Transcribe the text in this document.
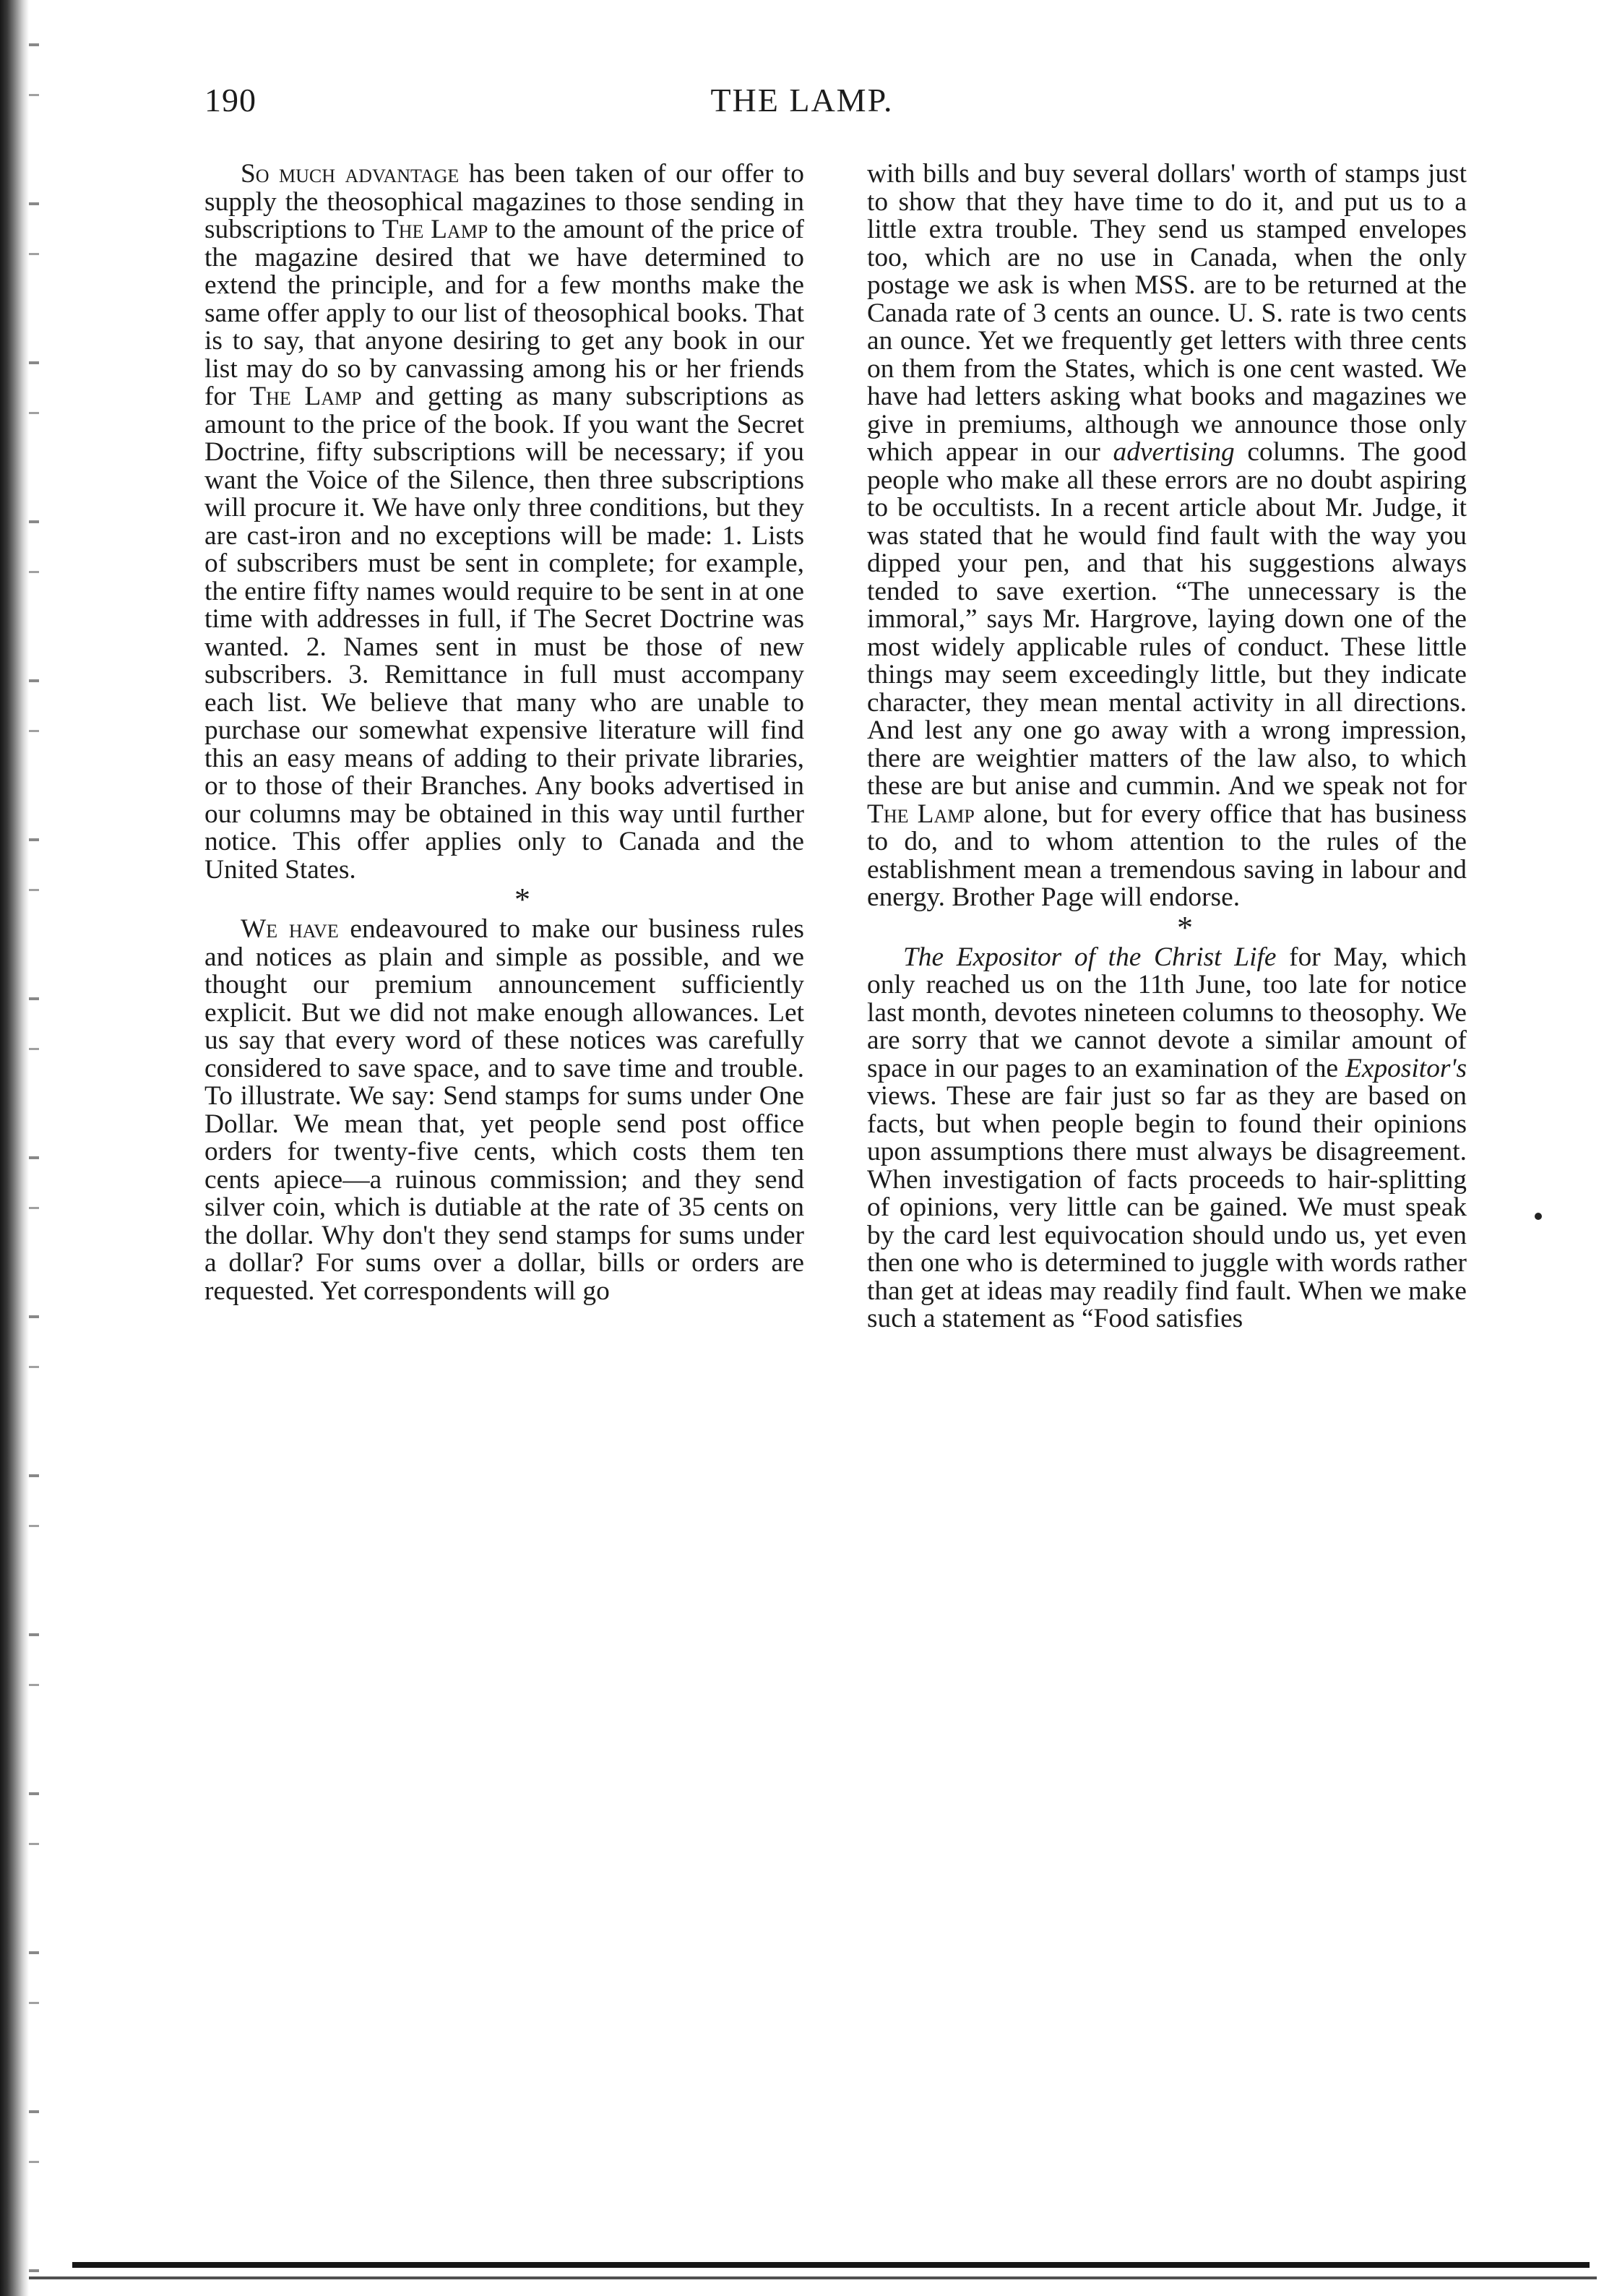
190	THE LAMP.

So much advantage has been taken of our offer to supply the theosophical magazines to those sending in subscriptions to The Lamp to the amount of the price of the magazine desired that we have determined to extend the principle, and for a few months make the same offer apply to our list of theosophical books. That is to say, that anyone desiring to get any book in our list may do so by canvassing among his or her friends for The Lamp and getting as many subscriptions as amount to the price of the book. If you want the Secret Doctrine, fifty subscriptions will be necessary; if you want the Voice of the Silence, then three subscriptions will procure it. We have only three conditions, but they are cast-iron and no exceptions will be made: 1. Lists of subscribers must be sent in complete; for example, the entire fifty names would require to be sent in at one time with addresses in full, if The Secret Doctrine was wanted. 2. Names sent in must be those of new subscribers. 3. Remittance in full must accompany each list. We believe that many who are unable to purchase our somewhat expensive literature will find this an easy means of adding to their private libraries, or to those of their Branches. Any books advertised in our columns may be obtained in this way until further notice. This offer applies only to Canada and the United States.

*

We have endeavoured to make our business rules and notices as plain and simple as possible, and we thought our premium announcement sufficiently explicit. But we did not make enough allowances. Let us say that every word of these notices was carefully considered to save space, and to save time and trouble. To illustrate. We say: Send stamps for sums under One Dollar. We mean that, yet people send post office orders for twenty-five cents, which costs them ten cents apiece—a ruinous commission; and they send silver coin, which is dutiable at the rate of 35 cents on the dollar. Why don't they send stamps for sums under a dollar? For sums over a dollar, bills or orders are requested. Yet correspondents will go

with bills and buy several dollars' worth of stamps just to show that they have time to do it, and put us to a little extra trouble. They send us stamped envelopes too, which are no use in Canada, when the only postage we ask is when MSS. are to be returned at the Canada rate of 3 cents an ounce. U. S. rate is two cents an ounce. Yet we frequently get letters with three cents on them from the States, which is one cent wasted. We have had letters asking what books and magazines we give in premiums, although we announce those only which appear in our advertising columns. The good people who make all these errors are no doubt aspiring to be occultists. In a recent article about Mr. Judge, it was stated that he would find fault with the way you dipped your pen, and that his suggestions always tended to save exertion. “The unnecessary is the immoral,” says Mr. Hargrove, laying down one of the most widely applicable rules of conduct. These little things may seem exceedingly little, but they indicate character, they mean mental activity in all directions. And lest any one go away with a wrong impression, there are weightier matters of the law also, to which these are but anise and cummin. And we speak not for The Lamp alone, but for every office that has business to do, and to whom attention to the rules of the establishment mean a tremendous saving in labour and energy. Brother Page will endorse.

*

The Expositor of the Christ Life for May, which only reached us on the 11th June, too late for notice last month, devotes nineteen columns to theosophy. We are sorry that we cannot devote a similar amount of space in our pages to an examination of the Expositor's views. These are fair just so far as they are based on facts, but when people begin to found their opinions upon assumptions there must always be disagreement. When investigation of facts proceeds to hair-splitting of opinions, very little can be gained. We must speak by the card lest equivocation should undo us, yet even then one who is determined to juggle with words rather than get at ideas may readily find fault. When we make such a statement as “Food satisfies
